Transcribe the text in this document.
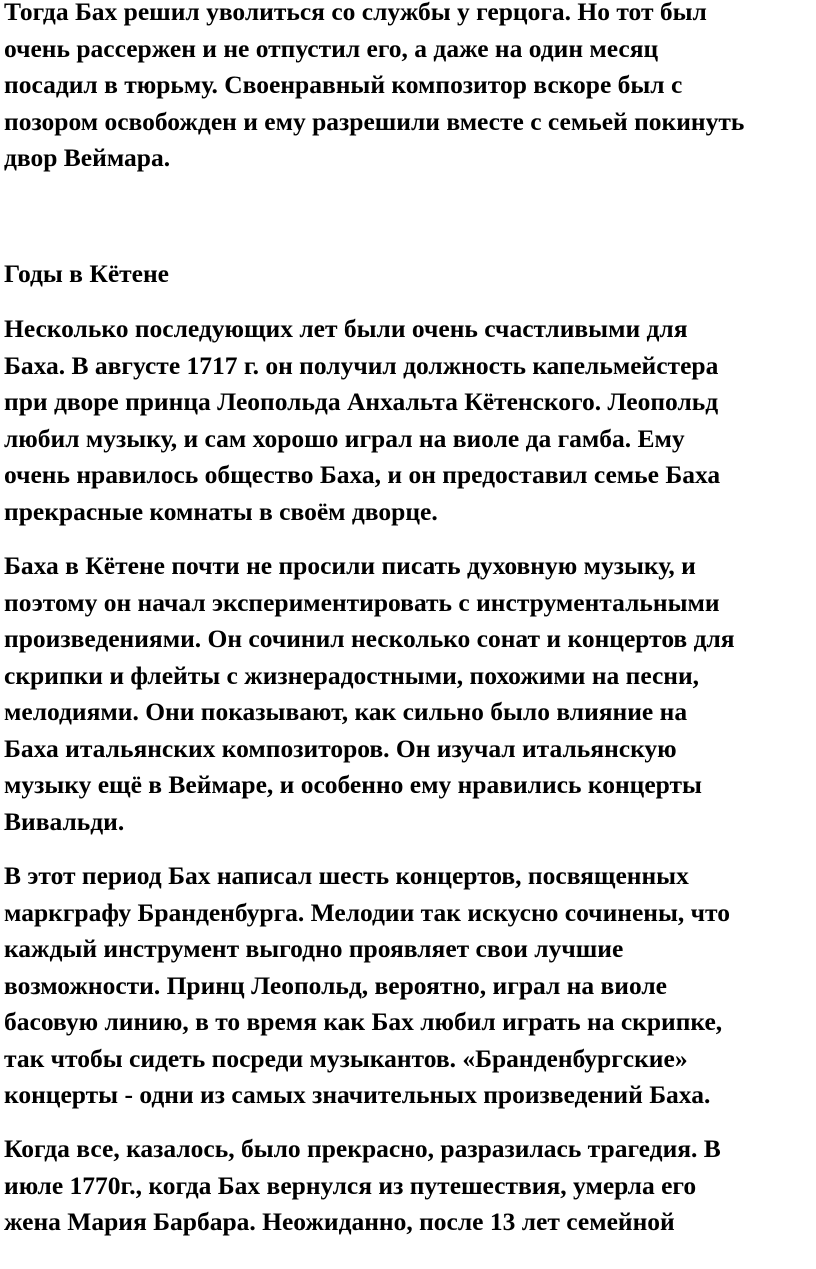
Тогда Бах решил уволиться со службы у герцога. Но тот был
очень рассержен и не отпустил его, а даже на один месяц
посадил в тюрьму. Своенравный композитор вскоре был с
позором освобожден и ему разрешили вместе с семьей покинуть
двор Веймара.
Годы в Кётене
Несколько последующих лет были очень счастливыми для
Баха. В августе 1717 г. он получил должность капельмейстера
при дворе принца Леопольда Анхальта Кётенского. Леопольд
любил музыку, и сам хорошо играл на виоле да гамба. Ему
очень нравилось общество Баха, и он предоставил семье Баха
прекрасные комнаты в своём дворце.
Баха в Кётене почти не просили писать духовную музыку, и
поэтому он начал экспериментировать с инструментальными
произведениями. Он сочинил несколько сонат и концертов для
скрипки и флейты с жизнерадостными, похожими на песни,
мелодиями. Они показывают, как сильно было влияние на
Баха итальянских композиторов. Он изучал итальянскую
музыку ещё в Веймаре, и особенно ему нравились концерты
Вивальди.
В этот период Бах написал шесть концертов, посвященных
маркграфу Бранденбурга. Мелодии так искусно сочинены, что
каждый инструмент выгодно проявляет свои лучшие
возможности. Принц Леопольд, вероятно, играл на виоле
басовую линию, в то время как Бах любил играть на скрипке,
так чтобы сидеть посреди музыкантов. «Бранденбургские»
концерты - одни из самых значительных произведений Баха.
Когда все, казалось, было прекрасно, разразилась трагедия. В
июле 1770г., когда Бах вернулся из путешествия, умерла его
жена Мария Барбара. Неожиданно, после 13 лет семейной
